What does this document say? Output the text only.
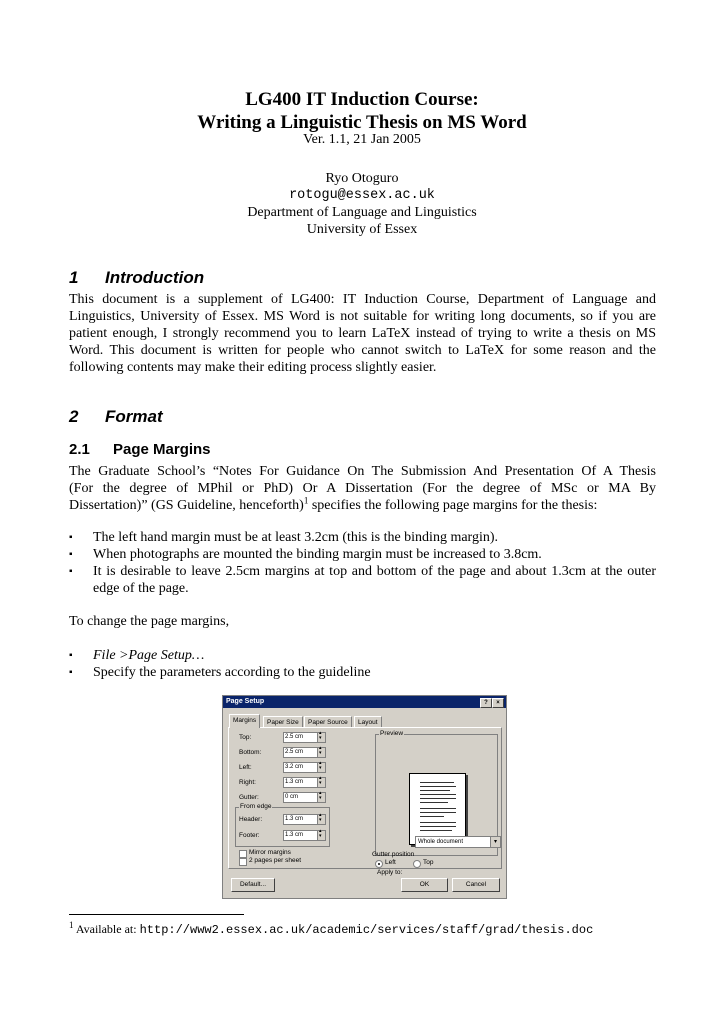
LG400 IT Induction Course:
Writing a Linguistic Thesis on MS Word
Ver. 1.1, 21 Jan 2005
Ryo Otoguro
rotogu@essex.ac.uk
Department of Language and Linguistics
University of Essex
1 Introduction
This document is a supplement of LG400: IT Induction Course, Department of Language and
Linguistics, University of Essex. MS Word is not suitable for writing long documents, so if you are
patient enough, I strongly recommend you to learn LaTeX instead of trying to write a thesis on MS
Word. This document is written for people who cannot switch to LaTeX for some reason and the
following contents may make their editing process slightly easier.
2 Format
2.1 Page Margins
The Graduate School’s “Notes For Guidance On The Submission And Presentation Of A Thesis
(For the degree of MPhil or PhD) Or A Dissertation (For the degree of MSc or MA By
Dissertation)” (GS Guideline, henceforth)$^1$ specifies the following page margins for the thesis:
▪ The left hand margin must be at least 3.2cm (this is the binding margin).
▪ When photographs are mounted the binding margin must be increased to 3.8cm.
▪ It is desirable to leave 2.5cm margins at top and bottom of the page and about 1.3cm at the outer edge of the page.
To change the page margins,
▪ File >Page Setup…
▪ Specify the parameters according to the guideline
Page Setup	?	×
Margins	Paper Size	Paper Source	Layout
Top:	2.5 cm
▴ ▾
Bottom:	2.5 cm
▴ ▾
Left:	3.2 cm
▴ ▾
Right:	1.3 cm
▴ ▾
Gutter:	0 cm
▴ ▾
From edge
Header:	1.3 cm
▴ ▾
Footer:	1.3 cm
▴ ▾
Mirror margins
2 pages per sheet
Preview
Apply to:
Whole document	▾
Gutter position
Left	Top
Default...	OK	Cancel
$^1$ Available at: http://www2.essex.ac.uk/academic/services/staff/grad/thesis.doc
